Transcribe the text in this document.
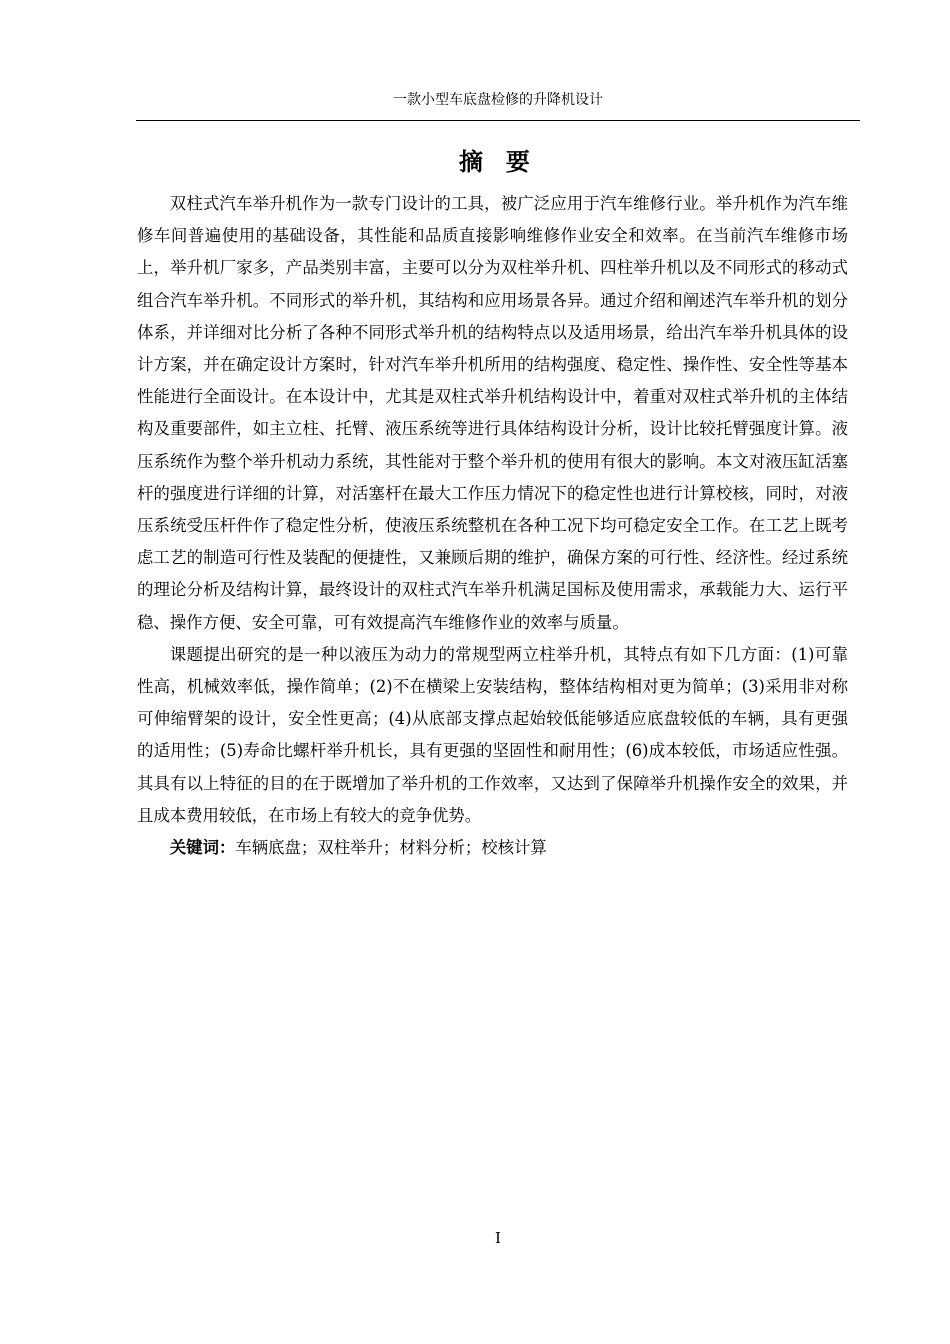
一款小型车底盘检修的升降机设计
摘 要

双柱式汽车举升机作为一款专门设计的工具，被广泛应用于汽车维修行业。举升机作为汽车维修车间普遍使用的基础设备，其性能和品质直接影响维修作业安全和效率。在当前汽车维修市场上，举升机厂家多，产品类别丰富，主要可以分为双柱举升机、四柱举升机以及不同形式的移动式组合汽车举升机。不同形式的举升机，其结构和应用场景各异。通过介绍和阐述汽车举升机的划分体系，并详细对比分析了各种不同形式举升机的结构特点以及适用场景，给出汽车举升机具体的设计方案，并在确定设计方案时，针对汽车举升机所用的结构强度、稳定性、操作性、安全性等基本性能进行全面设计。在本设计中，尤其是双柱式举升机结构设计中，着重对双柱式举升机的主体结构及重要部件，如主立柱、托臂、液压系统等进行具体结构设计分析，设计比较托臂强度计算。液压系统作为整个举升机动力系统，其性能对于整个举升机的使用有很大的影响。本文对液压缸活塞杆的强度进行详细的计算，对活塞杆在最大工作压力情况下的稳定性也进行计算校核，同时，对液压系统受压杆件作了稳定性分析，使液压系统整机在各种工况下均可稳定安全工作。在工艺上既考虑工艺的制造可行性及装配的便捷性，又兼顾后期的维护，确保方案的可行性、经济性。经过系统的理论分析及结构计算，最终设计的双柱式汽车举升机满足国标及使用需求，承载能力大、运行平稳、操作方便、安全可靠，可有效提高汽车维修作业的效率与质量。

课题提出研究的是一种以液压为动力的常规型两立柱举升机，其特点有如下几方面：(1)可靠性高，机械效率低，操作简单；(2)不在横梁上安装结构，整体结构相对更为简单；(3)采用非对称可伸缩臂架的设计，安全性更高；(4)从底部支撑点起始较低能够适应底盘较低的车辆，具有更强的适用性；(5)寿命比螺杆举升机长，具有更强的坚固性和耐用性；(6)成本较低，市场适应性强。其具有以上特征的目的在于既增加了举升机的工作效率，又达到了保障举升机操作安全的效果，并且成本费用较低，在市场上有较大的竞争优势。

关键词：车辆底盘；双柱举升；材料分析；校核计算

I
